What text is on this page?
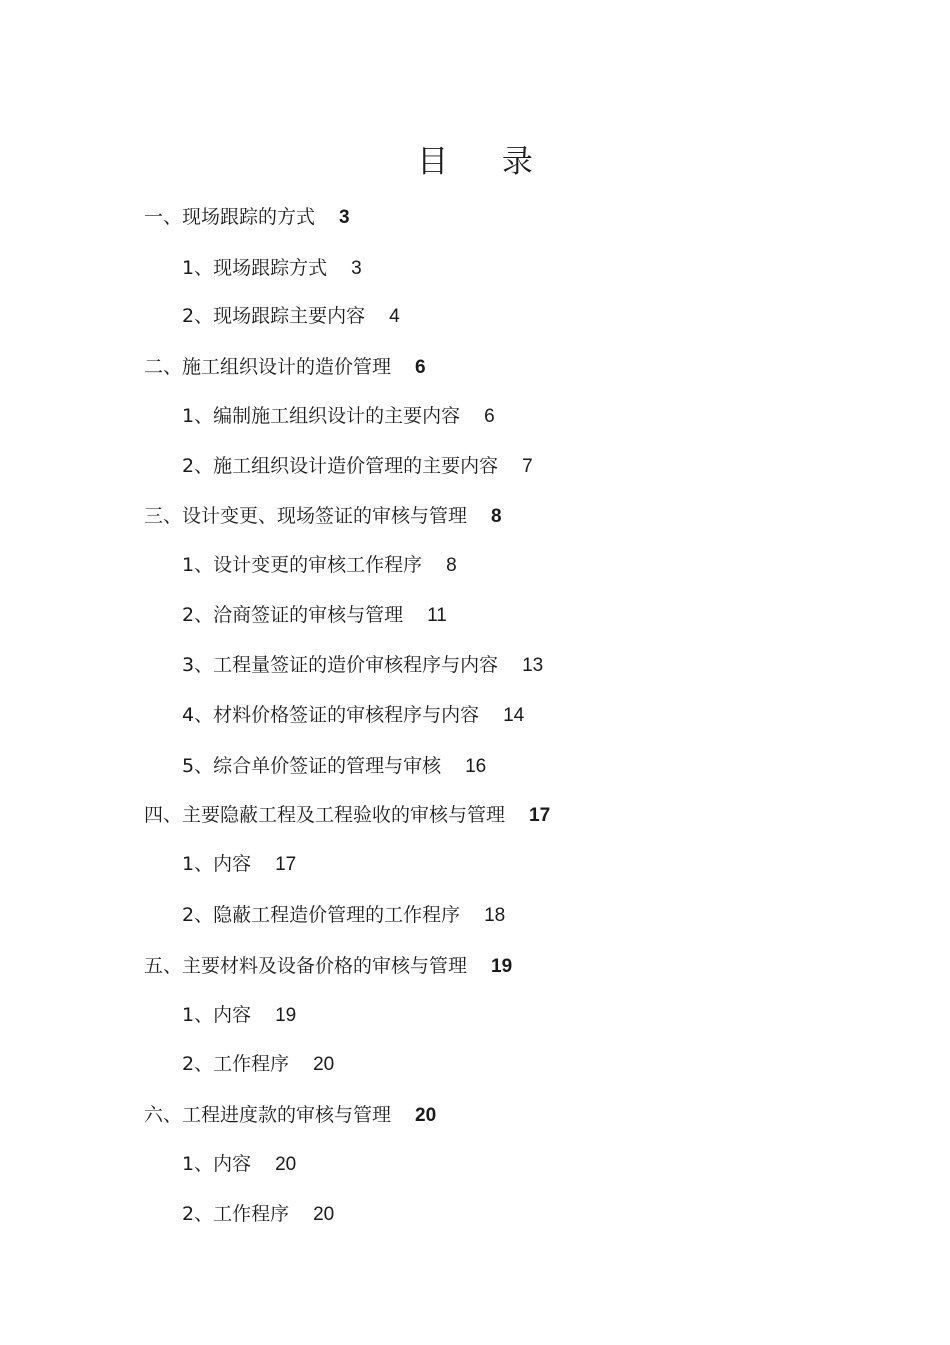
目 录
一、现场跟踪的方式 3
1、现场跟踪方式 3
2、现场跟踪主要内容 4
二、施工组织设计的造价管理 6
1、编制施工组织设计的主要内容 6
2、施工组织设计造价管理的主要内容 7
三、设计变更、现场签证的审核与管理 8
1、设计变更的审核工作程序 8
2、洽商签证的审核与管理 11
3、工程量签证的造价审核程序与内容 13
4、材料价格签证的审核程序与内容 14
5、综合单价签证的管理与审核 16
四、主要隐蔽工程及工程验收的审核与管理 17
1、内容 17
2、隐蔽工程造价管理的工作程序 18
五、主要材料及设备价格的审核与管理 19
1、内容 19
2、工作程序 20
六、工程进度款的审核与管理 20
1、内容 20
2、工作程序 20
